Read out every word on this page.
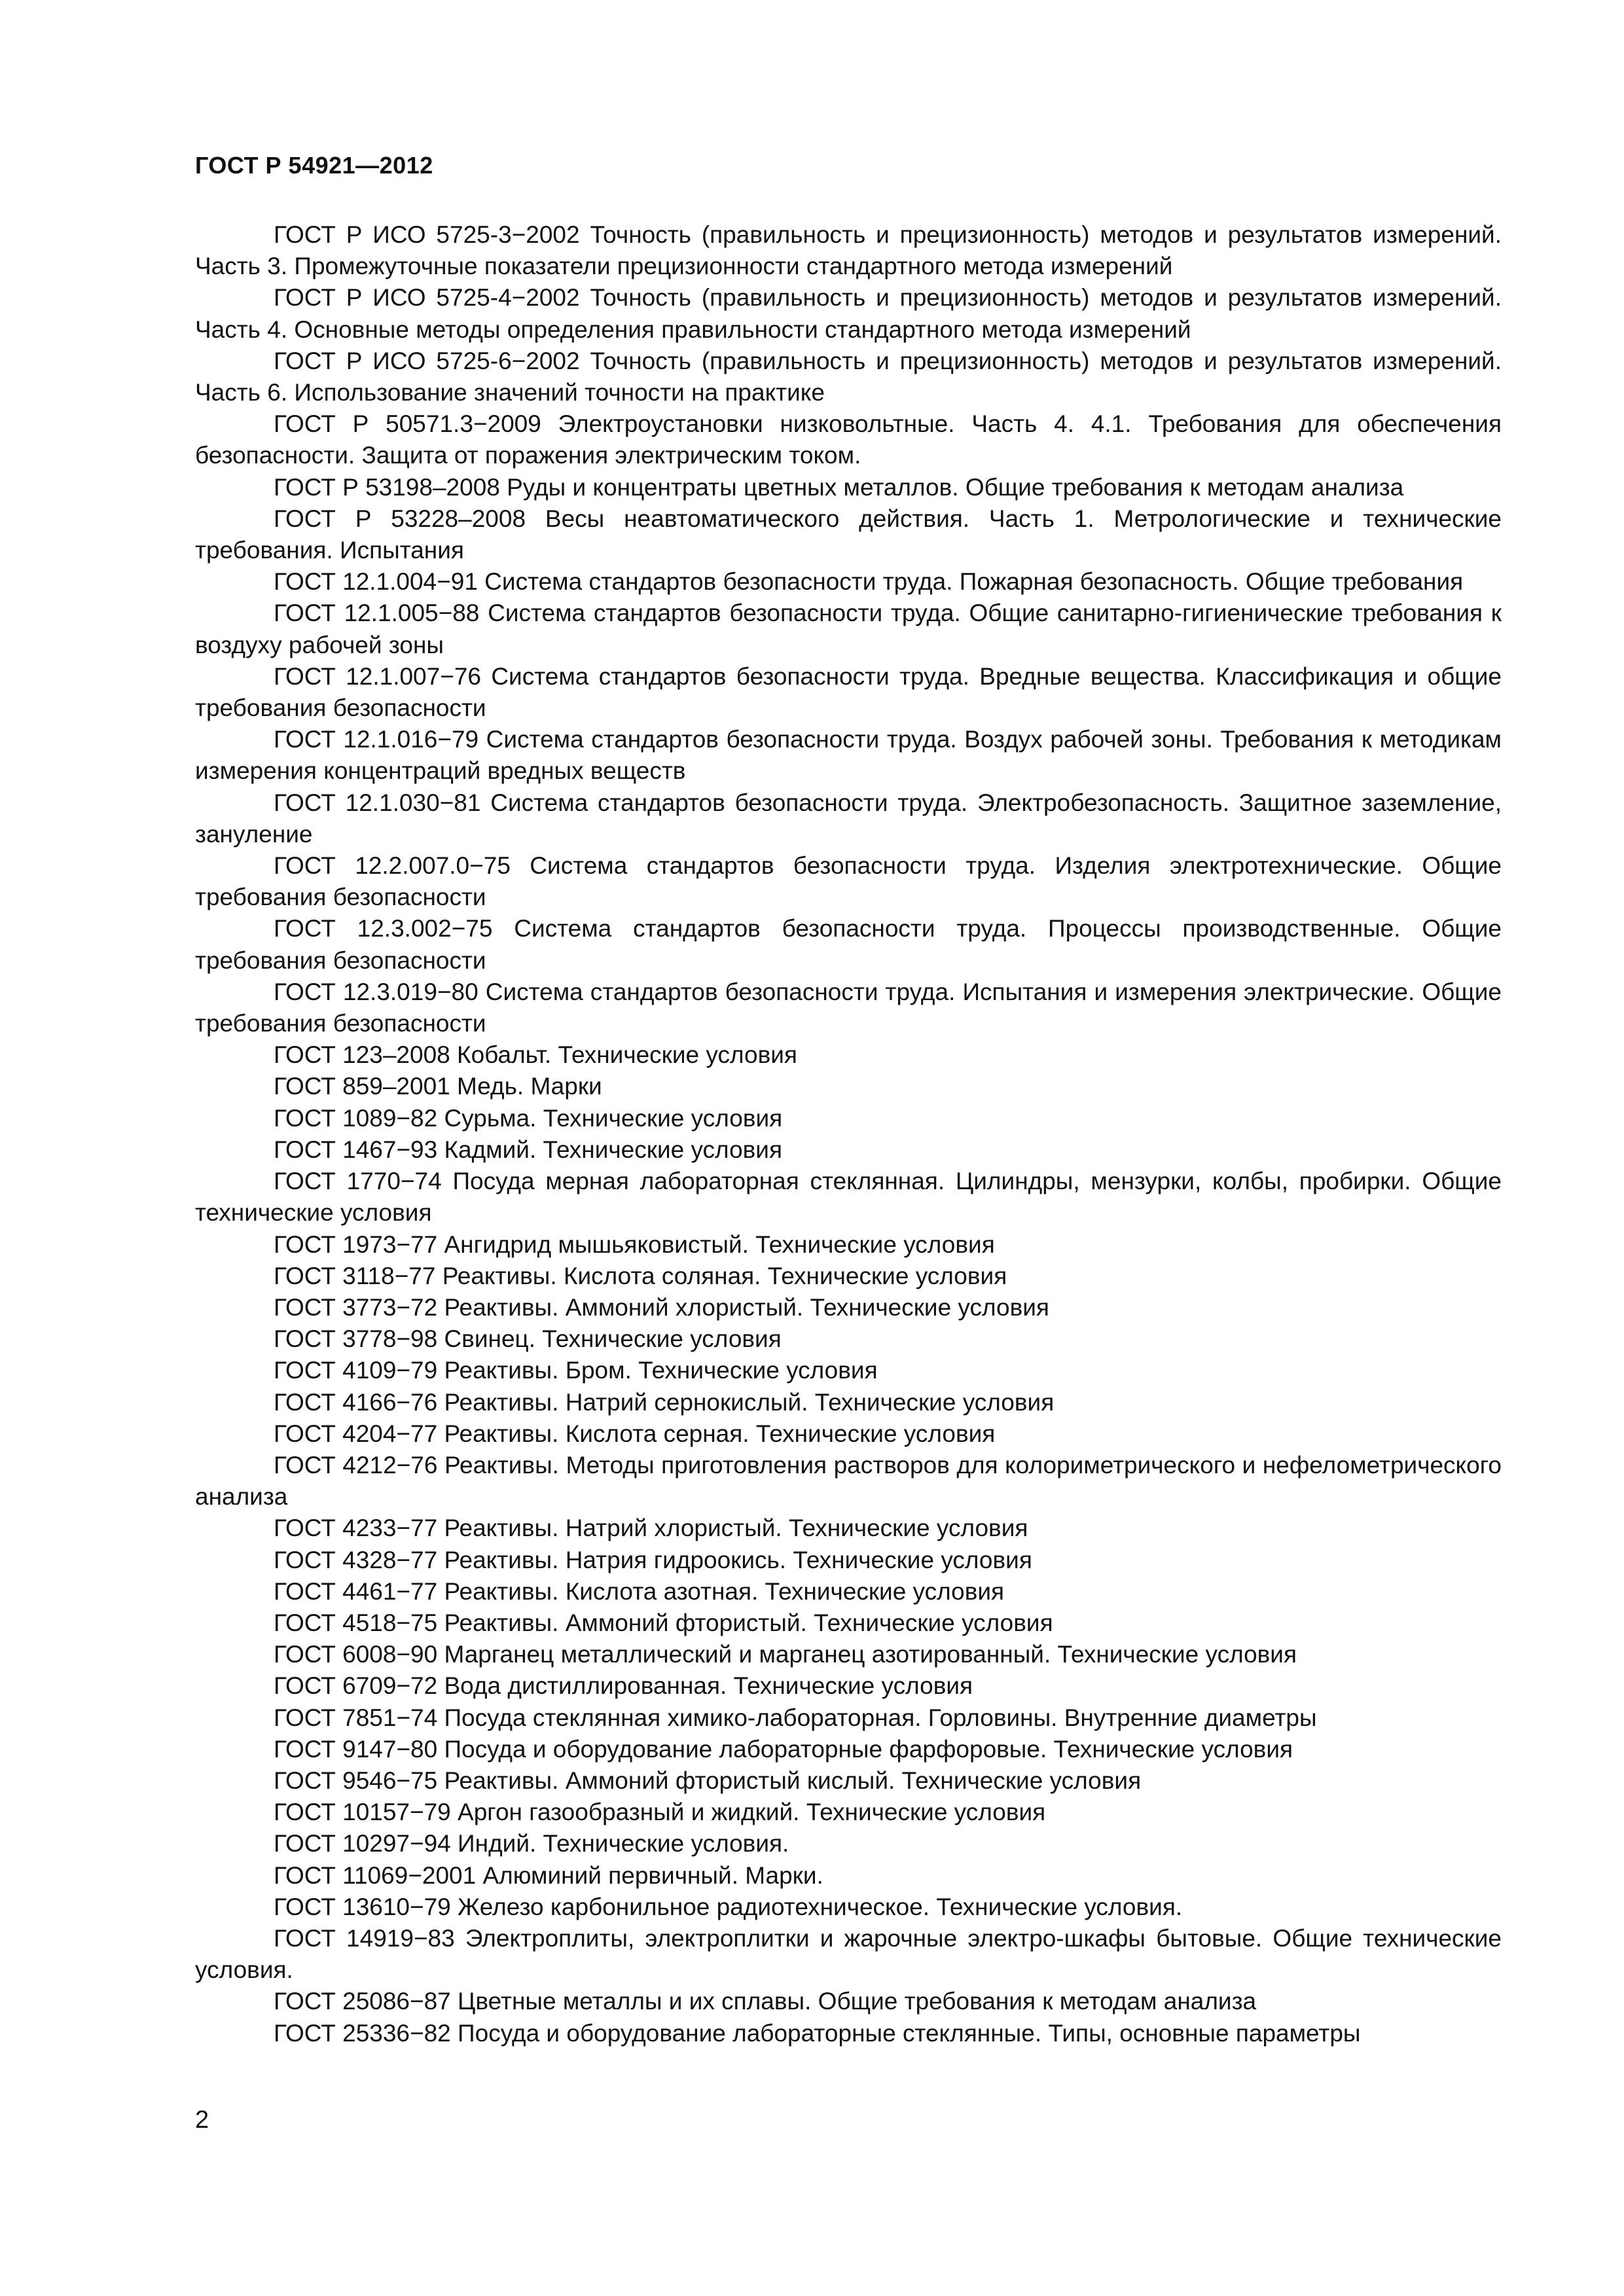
ГОСТ Р 54921—2012

ГОСТ Р ИСО 5725-3−2002 Точность (правильность и прецизионность) методов и результатов измерений. Часть 3. Промежуточные показатели прецизионности стандартного метода измерений

ГОСТ Р ИСО 5725-4−2002 Точность (правильность и прецизионность) методов и результатов измерений. Часть 4. Основные методы определения правильности стандартного метода измерений

ГОСТ Р ИСО 5725-6−2002 Точность (правильность и прецизионность) методов и результатов измерений. Часть 6. Использование значений точности на практике

ГОСТ Р 50571.3−2009 Электроустановки низковольтные. Часть 4. 4.1. Требования для обеспечения безопасности. Защита от поражения электрическим током.

ГОСТ Р 53198–2008 Руды и концентраты цветных металлов. Общие требования к методам анализа

ГОСТ Р 53228–2008 Весы неавтоматического действия. Часть 1. Метрологические и технические требования. Испытания

ГОСТ 12.1.004−91 Система стандартов безопасности труда. Пожарная безопасность. Общие требования

ГОСТ 12.1.005−88 Система стандартов безопасности труда. Общие санитарно-гигиенические требования к воздуху рабочей зоны

ГОСТ 12.1.007−76 Система стандартов безопасности труда. Вредные вещества. Классификация и общие требования безопасности

ГОСТ 12.1.016−79 Система стандартов безопасности труда. Воздух рабочей зоны. Требования к методикам измерения концентраций вредных веществ

ГОСТ 12.1.030−81 Система стандартов безопасности труда. Электробезопасность. Защитное заземление, зануление

ГОСТ 12.2.007.0−75 Система стандартов безопасности труда. Изделия электротехнические. Общие требования безопасности

ГОСТ 12.3.002−75 Система стандартов безопасности труда. Процессы производственные. Общие требования безопасности

ГОСТ 12.3.019−80 Система стандартов безопасности труда. Испытания и измерения электрические. Общие требования безопасности

ГОСТ 123–2008 Кобальт. Технические условия

ГОСТ 859–2001 Медь. Марки

ГОСТ 1089−82 Сурьма. Технические условия

ГОСТ 1467−93 Кадмий. Технические условия

ГОСТ 1770−74 Посуда мерная лабораторная стеклянная. Цилиндры, мензурки, колбы, пробирки. Общие технические условия

ГОСТ 1973−77 Ангидрид мышьяковистый. Технические условия

ГОСТ 3118−77 Реактивы. Кислота соляная. Технические условия

ГОСТ 3773−72 Реактивы. Аммоний хлористый. Технические условия

ГОСТ 3778−98 Свинец. Технические условия

ГОСТ 4109−79 Реактивы. Бром. Технические условия

ГОСТ 4166−76 Реактивы. Натрий сернокислый. Технические условия

ГОСТ 4204−77 Реактивы. Кислота серная. Технические условия

ГОСТ 4212−76 Реактивы. Методы приготовления растворов для колориметрического и нефелометрического анализа

ГОСТ 4233−77 Реактивы. Натрий хлористый. Технические условия

ГОСТ 4328−77 Реактивы. Натрия гидроокись. Технические условия

ГОСТ 4461−77 Реактивы. Кислота азотная. Технические условия

ГОСТ 4518−75 Реактивы. Аммоний фтористый. Технические условия

ГОСТ 6008−90 Марганец металлический и марганец азотированный. Технические условия

ГОСТ 6709−72 Вода дистиллированная. Технические условия

ГОСТ 7851−74 Посуда стеклянная химико-лабораторная. Горловины. Внутренние диаметры

ГОСТ 9147−80 Посуда и оборудование лабораторные фарфоровые. Технические условия

ГОСТ 9546−75 Реактивы. Аммоний фтористый кислый. Технические условия

ГОСТ 10157−79 Аргон газообразный и жидкий. Технические условия

ГОСТ 10297−94 Индий. Технические условия.

ГОСТ 11069−2001 Алюминий первичный. Марки.

ГОСТ 13610−79 Железо карбонильное радиотехническое. Технические условия.

ГОСТ 14919−83 Электроплиты, электроплитки и жарочные электро-шкафы бытовые. Общие технические условия.

ГОСТ 25086−87 Цветные металлы и их сплавы. Общие требования к методам анализа

ГОСТ 25336−82 Посуда и оборудование лабораторные стеклянные. Типы, основные параметры

2
